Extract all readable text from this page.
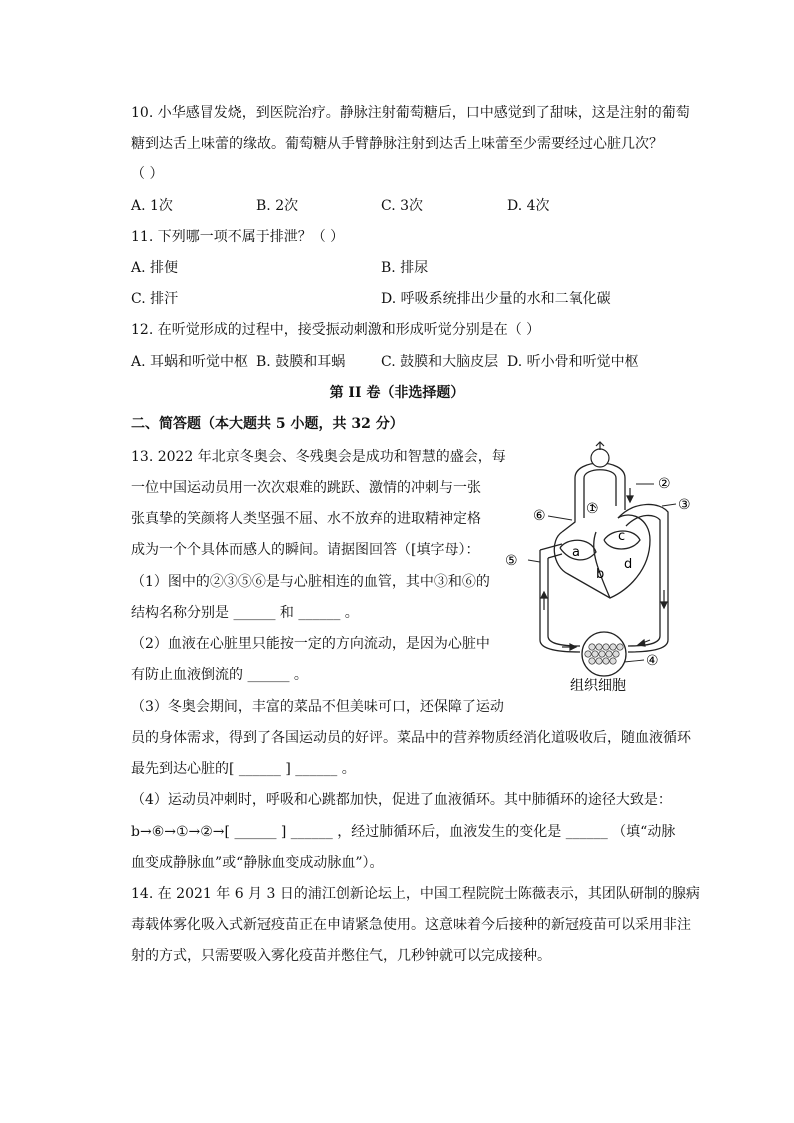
10. 小华感冒发烧，到医院治疗。静脉注射葡萄糖后，口中感觉到了甜味，这是注射的葡萄
糖到达舌上味蕾的缘故。葡萄糖从手臂静脉注射到达舌上味蕾至少需要经过心脏几次？
（ ）
A. 1次	B. 2次	C. 3次	D. 4次
11. 下列哪一项不属于排泄？（ ）
A. 排便	B. 排尿
C. 排汗	D. 呼吸系统排出少量的水和二氧化碳
12. 在听觉形成的过程中，接受振动刺激和形成听觉分别是在（ ）
A. 耳蜗和听觉中枢 B. 鼓膜和耳蜗	C. 鼓膜和大脑皮层 D. 听小骨和听觉中枢
第 II 卷（非选择题）
二、简答题（本大题共 5 小题，共 32 分）
13. 2022 年北京冬奥会、冬残奥会是成功和智慧的盛会，每
一位中国运动员用一次次艰难的跳跃、激情的冲刺与一张
张真挚的笑颜将人类坚强不屈、水不放弃的进取精神定格
成为一个个具体而感人的瞬间。请据图回答（[填字母）：
（1）图中的②③⑤⑥是与心脏相连的血管，其中③和⑥的
结构名称分别是 ______ 和 ______ 。
（2）血液在心脏里只能按一定的方向流动，是因为心脏中
有防止血液倒流的 ______ 。
（3）冬奥会期间，丰富的菜品不但美味可口，还保障了运动
员的身体需求，得到了各国运动员的好评。菜品中的营养物质经消化道吸收后，随血液循环
最先到达心脏的[ ______ ] ______ 。
（4）运动员冲刺时，呼吸和心跳都加快，促进了血液循环。其中肺循环的途径大致是：
b→⑥→①→②→[ ______ ] ______ ，经过肺循环后，血液发生的变化是 ______ （填“动脉
血变成静脉血”或“静脉血变成动脉血”）。
14. 在 2021 年 6 月 3 日的浦江创新论坛上，中国工程院院士陈薇表示，其团队研制的腺病
毒载体雾化吸入式新冠疫苗正在申请紧急使用。这意味着今后接种的新冠疫苗可以采用非注
射的方式，只需要吸入雾化疫苗并憋住气，几秒钟就可以完成接种。
②
③
⑥	①
⑤
④
a
b
c
d
组织细胞
